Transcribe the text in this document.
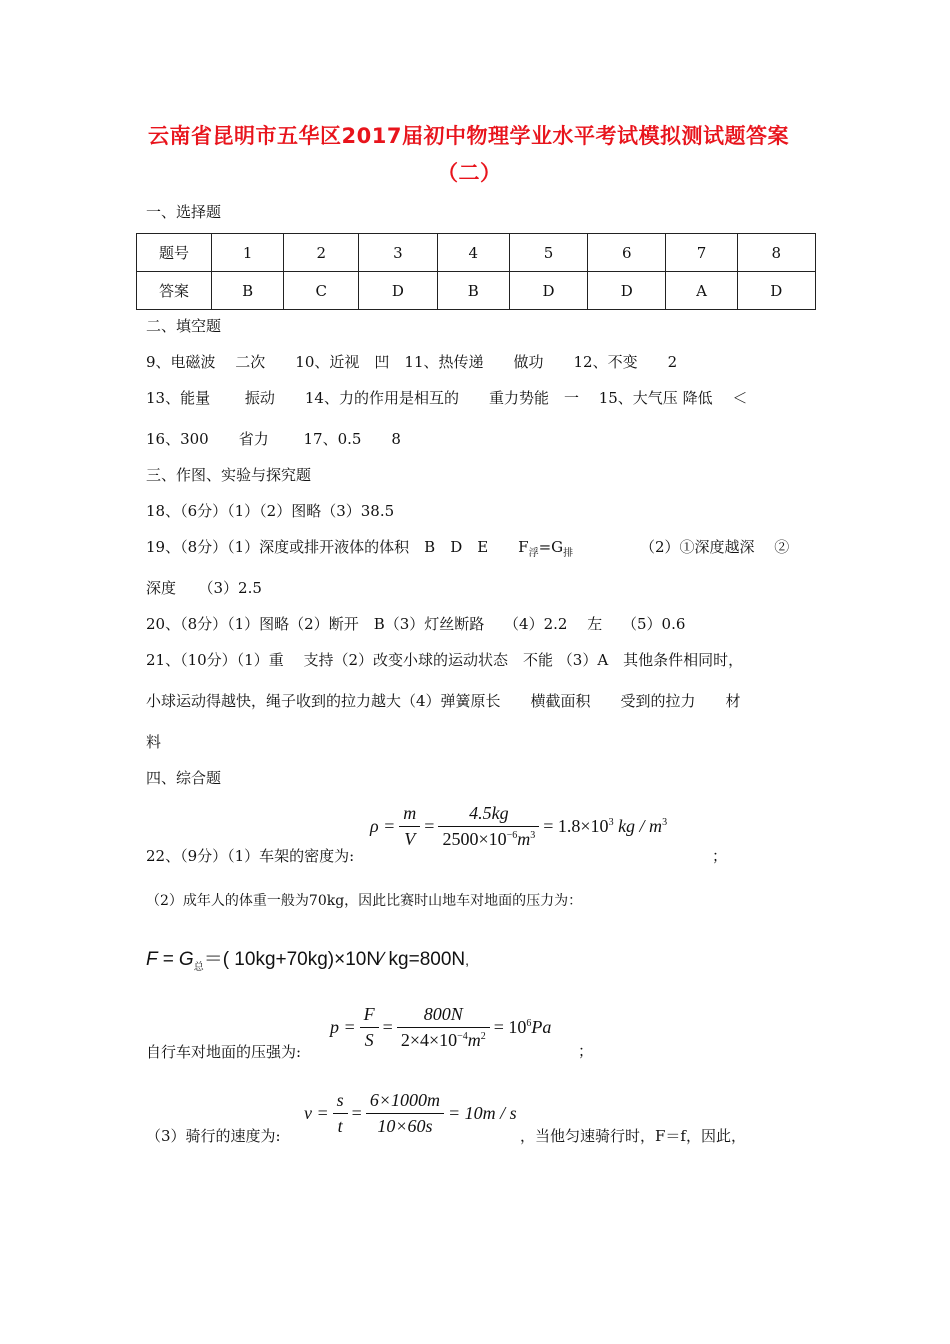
云南省昆明市五华区2017届初中物理学业水平考试模拟测试题答案
（二）
一、选择题
题号	1	2	3	4	5	6	7	8
答案	B	C	D	B	D	D	A	D
二、填空题
9、电磁波　 二次　　10、近视　凹　11、热传递　　做功　　12、不变　　2
13、能量　　 振动　　14、力的作用是相互的　　重力势能　一　 15、大气压 降低　 ＜
16、300　　省力　　 17、0.5　　8
三、作图、实验与探究题
18、（6分）（1）（2）图略（3）38.5
19、（8分）（1）深度或排开液体的体积　B　D　E　　$F_浮=G_排$	（2）①深度越深　 ②
深度　　（3）2.5
20、（8分）（1）图略（2）断开　B（3）灯丝断路　 （4）2.2　 左　 （5）0.6
21、（10分）（1）重　 支持（2）改变小球的运动状态　不能 （3）A　其他条件相同时，
小球运动得越快，绳子收到的拉力越大（4）弹簧原长　　横截面积　　受到的拉力　　材
料
四、综合题
22、（9分）（1）车架的密度为:
$\rho = \frac{m}{V} = \frac{4.5kg}{2500\times 10^{-6}m^3} = 1.8\times 10^3$ kg / $m^3$
；
（2）成年人的体重一般为70kg，因此比赛时山地车对地面的压力为：
$F = G_总=$( 10kg+70kg)×10N∕ kg=800N,
自行车对地面的压强为:
$p = \frac{F}{S} = \frac{800N}{2\times 4\times 10^{-4}m^2} = 10^6Pa$
；
（3）骑行的速度为:
$v = \frac{s}{t} = \frac{6\times 1000m}{10\times 60s} = 10m / s$
，当他匀速骑行时，F＝f，因此，
